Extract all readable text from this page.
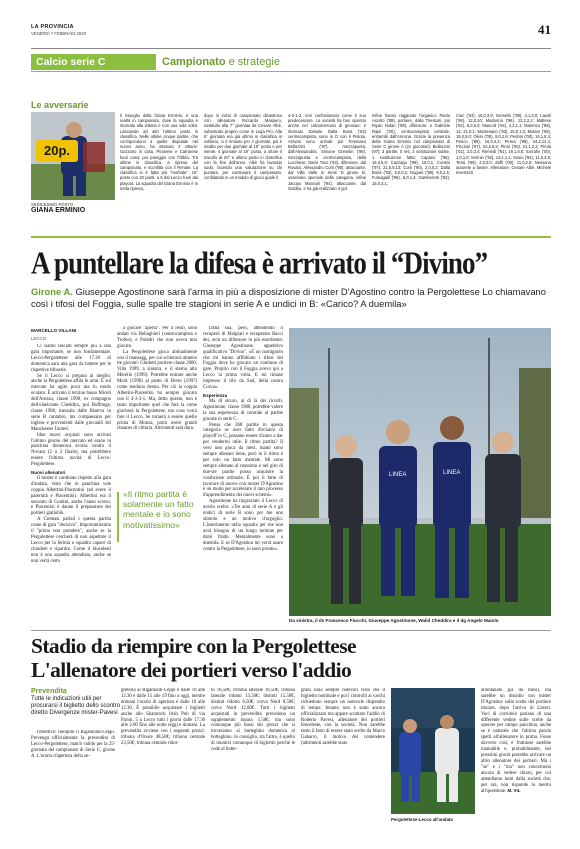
LA PROVINCIA
VENERDÌ 7 FEBBRAIO 2020	41
Calcio serie C	Campionato e strategie
Le avversarie
20p.
SEDICESIMO POSTO
GIANA ERMINIO
Il risveglio della Giana Erminio, è una realtà in campionato, dove la squadra è ritornata alla vittoria e non una sola volta. Lasciando ad altri l'ultimo posto in classifica. Nelle ultime cinque partite, che corrispondono a quelle disputate nel nuovo anno, ha ottenuto 3 vittorie: Gozzano in casa, Piranese e Carrarese fuori casa; poi pareggio con l'Olbia. Tra ultime in classifica, a ripresa del campionato, e sconfitta con il Renate. La classifica si è fatta più "morbida". 16° posto con 20 punti, a 5 dal Lecco fuori dai playout. La squadra del Giana Erminio è in netta ripresa,
dopo in inizio di campionato disastroso con allenatore Riccardo Maspero, sostituito alla 7° giornata da Cesare Albè, subentrato proprio come in Lega Pro. Alla 5° giornata era già ultimo in classifica in solitario, ci è rimasto per 4 giornate, poi è risalito per due giornate al 18° posto e per niente, 4 giornate al 19° posto, a ottore il tracollo al 20° e ultimo posto in classifica con la fine dell'anno. Albè ha lavorato sodo, facendo una valutazione su chi puntare, per continuare il campionato, confidando in un modulo di gioco quale il
4-3-1-2, non confusionario come il suo predecessore. La società ha ben operato anche nel calciomercato di gennaio: è ritornato Daniele Dalla Bona ('83) centrocampista, sono in D con il Pistoia. Arrivati sono arrivati poi Tommaso Bellazzini ('87), mezzapunta, dall'Alessandria, Simone Greselin ('98), mezzapunta e centrocampista, dalla Lucchese, Dario Toso ('93), difensore, dal Rovato. Alessandro Corti ('90), attaccante, dal Villa Valle in Serie D girone B, osservato speciale della categoria, infine Jacopo Mancioli ('94), attaccante, dal Gubbio, e ha già realizzato 3 gol.
Infine hanno raggiunto l'organico Paolo Ascrito ('89), portiere, dalla Triestum, poi Riyan Nolan ('99), difensore, e Gabriele Rajsi ('00), centrocampista centrale, entrambi dall'Ancona. Grazie la presenza della Giana Erminio nel campionato di Serie C girone A (21 giocatori): Bellazzini (97); 3 partite, 0 reti, 2 sostituzioni subite, 1 sostituzione fatta; Capano ('96), 15,0,5,9; Cazzago ('98), 10,0,1; Cortesi ('97), 21,5,5,13; Corti ('90), 2,0,0,2; Dalla Bona ('83), 5,0,0,2; Duguet ('98), 8,0,2,5; Fumagalli ('98), 5,0,1,4; Gamberetti ('92), 15,0,3,1;
Ciuri ('93), 16,0,3,9; Greselin ('98), 4,1,3,0; Lasoli ('98), 12,2,10; Madonna ('96), 12,2,2,2; Maltese ('92), 6,0,6,0; Mancoli ('94), 4,3,1,1; Marenco ('99), 13, 21,0,1; Montesano ('83), 15,0,1,0; Mutton ('99), 19,0,9,0; Oleni ('00), 8,0,2,6; Pedrini ('00), 14,1,8,4; Perico ('89), 16,0,4,3; Perna ('98), 24,2,12,4; Piccioni ('97), 22,2,9,3; Pinto ('00), 21,1,2,2; Pirola ('01), 2,0,3,4; Remedi ('91), 19,1,6,0; Sorrafin ('00), 1,0,1,0; Serinin ('92), 13,1,1,1; Sosio ('94), 11,0,3,5; Tessi ('89), 4,0,0,0; Zaffi ('00), 11,0,2,8. Nessuna autorete a favore. Allenatore: Cesare Albè. Michele Invernizzi
A puntellare la difesa è arrivato il “Divino”
Girone A. Giuseppe Agostinone sarà l'arma in più a disposizione di mister D'Agostino contro la Pergolettese Lo chiamavano così i tifosi del Foggia, sulle spalle tre stagioni in serie A e undici in B: «Carico? A duemila»
MARCELLO VILLANI
LECCO

Ci siamo lasciati sempre più a una gara importante, se non fondamentale. Lecco-Pergolettese alle 17.30 di domenica sarà una gara da battere per le rispettive tifoserie.

Se il Lecco si prepara al meglio, anche la Pergolettese affila le armi. E sul mercato ha agito poco ma in modo oculato. È arrivato il terzino basso Miceli dell'Arezzo, classe 1998, ex compagno dell'olaelcente Cheddira, poi Buffonge, classe 1998, mezzala dalle Riserva in serie B cantabro, ma compaesano per inglese e provenienti dalle giovanili del Manchester United.

Idue nuovi acquisti sono arrivati l'ultimo giorno del mercato ed erano in panchina domenica scorsa contro il Novara (2 a 2 finale), ma potrebbero essere l'ultima novità di Lecco-Pergolettese.

Nuovi allenatori

Il mister è cambiato rispetto alla gara d'andata, visto che in panchina vale coppia Albertini-Piacentini (ad avere il paternità e Piacentini). Albertini era il secondo di Contini, anche l'anno scorso, e Piacentini è dannn il preparatore dei portieri gialloblù.

A Cremasi parlad i questa partita come di gara "decisiva". Importantissimo il "primo non prendere", anche se la Pergolettese cercherà di non aspettare il Lecco per la ferimà o squadra capace di chiudere e ripartire. Come il blucelesti non è una squadra attendista, anche se non verrà certo

a giocare "aperta". Per il resto, sono andati via Bellaghieri (centrocampista e Trofeo), e Poledri che non aveva mai giocato.

La Pergolettese gioca abitualmente con il mansagg, per cui schieravà almeno tre giovani: Ghidotti portiere classe 2000, Villa 1999, a sinistra, e il sterno alto Merello (1999). Potrebbe entrare anche Morà (1998) al posto di Brero (1997) come tendono destra. Per ciò la coppia Alberini-Piacentini ha sempre giocato con il 4-3-3-1. Ma, detto questo, non è tanto importante quel che farà la come giocherà la Pergolettese, ma cosa vorrà fare il Lecco. Se tornerà a essere quello prima di Monza, potrà avere grandi chances di vittoria. Altrimenti sarà dura.

«Il ritmo partita è solamente un fatto mentale e io sono motivatissimo»

Dalla sua, però, attendendo il recuperò di Malgrati e recuperato Bacci dei, avrà un difensore in più esordiente: Giuseppe Agostinone, appetitivo qualificativo "Divino". «E un nomignolo che mi hanno affibbiato i tifosi del Foggia dove ho giocato un continuo di gare. Proprio con il Foggia avevo qui a Lecco la prima volta. E mi rimase impresso il tifo da Sud, della nostra Curva».

Esperienza

Ma di sicuro, al di là dei ricordi, Agostinone, classe 1988, potrebbe valere la sua esperienza di centrale al partite giocate in serie C.

Pensa che 268 partite in questa categoria se aver fatto d'ecianni di playoff in C, possano essere d'aiuto a dar per vendermi utile. Il ritmo partita? Il vero non gioca da mesi, mami sono sempre allenato bene, però in il ritmo è per solo un fatto mentale. Mi sono sempre allenato al massimo e nel giro di due-tre partite posso acquisire la condizione ottimale. È poi il fatto di lavorare di nuovo con mister D'Agostino è un modo per accelerare il mio processo d'apprendimento dei nuovi schemi».

Agostinone ha ringraziato il Lecco di averlo scelto: «Tre anni di serie A e gli undici di serie B sono per me uno stimolo e un motivo d'orgoglio. L'inserimento nella squadra per me non avrà bisogno di un lungo termine per darsi frutto. Mentalmente sono a duemila. E se D'Agostino mi vorrà usare contro la Pergolettese, io sono pronto».

LINEA	LINEA
Da sinistra, il ds Francesco Fiucchi, Giuseppe Agostinone, Walid Cheddira e il dg Angelo Maiolo
Stadio da riempire con la Pergolettese
L'allenatore dei portieri verso l'addio
Prevendita
Tutte le indicazioni utili per procurarsi il biglietto dello scontro diretto Divergenze mister-Pavesi
Obiettivo: riempire il Rigamonti-Ceppi. Prevenga ufficialmente la prevendita di Lecco-Pergolettese, match valido per la 25ª giornata del campionato di Serie C, girone A. L'orario d'apertura della se-
greteria al Rigamonti-Ceppi è dalle 10 alle 12.30 e dalle 15 alle 19 fino a oggi, mentre domani l'orario di apertura è dalle 10 alle 12.30. È possibile acquistare i biglietti anche allo Shamrock Irish Pub di via Parini, 5 a Lecco tutti i giorni dalle 17.30 alle 2.00 fino alle notte reggi e domani. La prevendita avviene con i seguenti prezzi: tribuna d'Onore 48,50€; tribuna centrale 23,50€; tribuna centrale ridot-
to 18,50€; tribuna laterale 18,50€; tribuna laterale ridotto 13,50€; distinti 15,50€; distinti ridotto 8,50€; curva Nord 8,50€; curva Nord 12,00€. Tutti i biglietti acquistati in prevendita prevedono un supplemento topara 1,50€; ma sono comunque più bassi dei prezzi che si troveranno ai botteghini domenica al botteghino. Io consiglio, tra l'altro, è quello di munirsi comunque di biglietto perché le code al botte-
ghini sono sempre notevoli visto che il biglietto nominale e poi i controlli ai varchi richiedono sempre un notevole dispendio di tempo. Intanto non è stato ancora ufficializzato ma appare scontato l'addio di Roberto Pavesi, allenatore dei portieri bluceleste, con la società. Non sarebbe tanto il fatto di essere stato scelto da Marco Gabarro, il motivo del contendere (altrimenti sarebbe stato
Pergolettese-Lecco all'andata
allontanato già da mesi), ma sarebbe un dissidio con mister D'Agostino sulla scelta del portiere titolare, dopo l'arrivo di Listeri. Voci di corridoio parlano di una differente vedute sulle scelte da operare per campo panchina, anche se è naturale che l'ultima parola spetti all'allenatore in prima. Fosse davvero così, è fruttuose sarebbe inamabile e, probabilmente, nei prossimi giorni potrebbe arrivare un altro allenatore dei portieri. Ma i "se" e i "ma" non concernono ancora di vedere chiaro, per cui attendiamo lumi dalla società che, per ora, non risponde in merito all'questione. M. VIL
